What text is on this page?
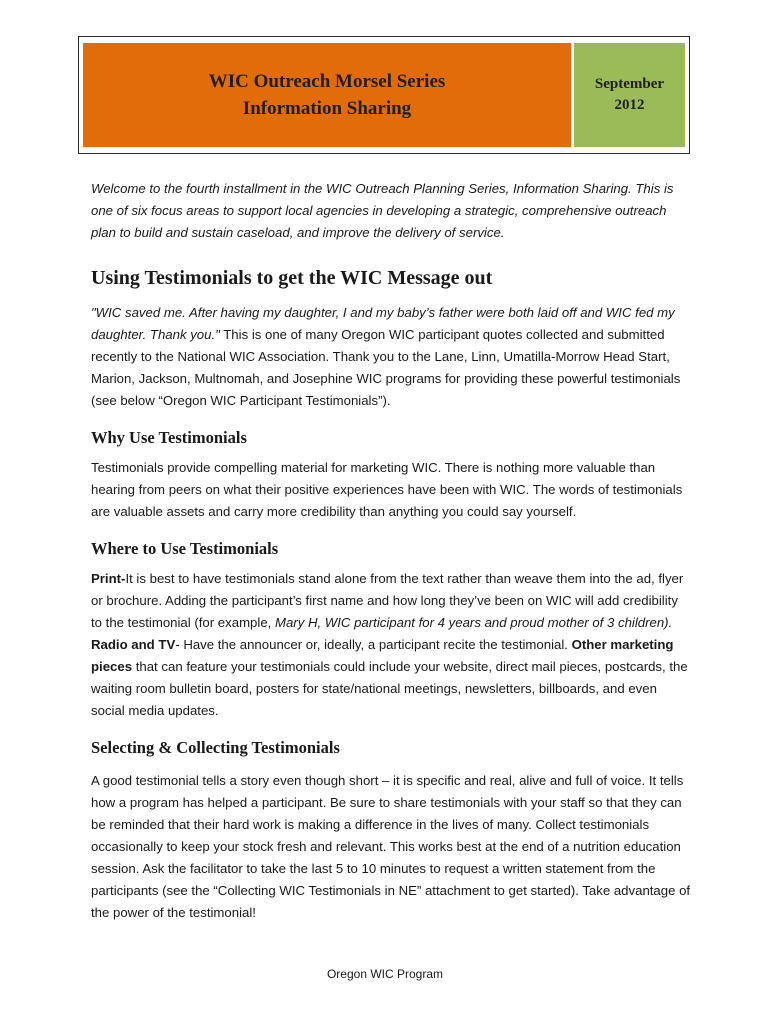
WIC Outreach Morsel Series
Information Sharing
September
2012

Welcome to the fourth installment in the WIC Outreach Planning Series, Information Sharing. This is one of six focus areas to support local agencies in developing a strategic, comprehensive outreach plan to build and sustain caseload, and improve the delivery of service.

Using Testimonials to get the WIC Message out

"WIC saved me. After having my daughter, I and my baby’s father were both laid off and WIC fed my daughter. Thank you." This is one of many Oregon WIC participant quotes collected and submitted recently to the National WIC Association. Thank you to the Lane, Linn, Umatilla-Morrow Head Start, Marion, Jackson, Multnomah, and Josephine WIC programs for providing these powerful testimonials (see below “Oregon WIC Participant Testimonials”).

Why Use Testimonials

Testimonials provide compelling material for marketing WIC. There is nothing more valuable than hearing from peers on what their positive experiences have been with WIC. The words of testimonials are valuable assets and carry more credibility than anything you could say yourself.

Where to Use Testimonials

Print-It is best to have testimonials stand alone from the text rather than weave them into the ad, flyer or brochure. Adding the participant’s first name and how long they’ve been on WIC will add credibility to the testimonial (for example, Mary H, WIC participant for 4 years and proud mother of 3 children). Radio and TV- Have the announcer or, ideally, a participant recite the testimonial. Other marketing pieces that can feature your testimonials could include your website, direct mail pieces, postcards, the waiting room bulletin board, posters for state/national meetings, newsletters, billboards, and even social media updates.

Selecting & Collecting Testimonials

A good testimonial tells a story even though short – it is specific and real, alive and full of voice. It tells how a program has helped a participant. Be sure to share testimonials with your staff so that they can be reminded that their hard work is making a difference in the lives of many. Collect testimonials occasionally to keep your stock fresh and relevant. This works best at the end of a nutrition education session. Ask the facilitator to take the last 5 to 10 minutes to request a written statement from the participants (see the “Collecting WIC Testimonials in NE” attachment to get started). Take advantage of the power of the testimonial!

Oregon WIC Program
